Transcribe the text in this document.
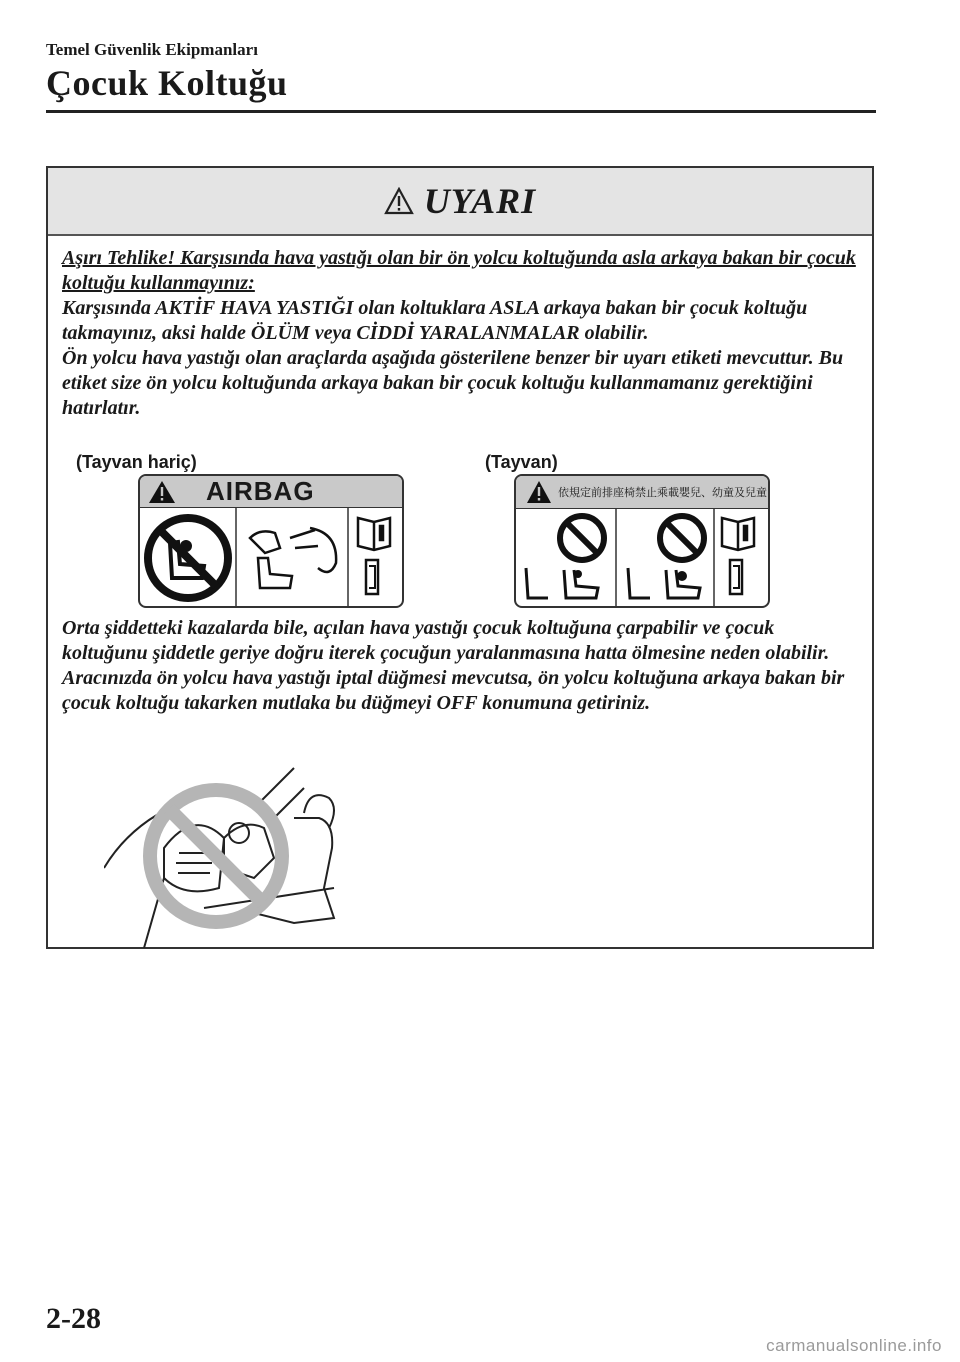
Temel Güvenlik Ekipmanları
Çocuk Koltuğu
UYARI

Aşırı Tehlike! Karşısında hava yastığı olan bir ön yolcu koltuğunda asla arkaya bakan bir çocuk koltuğu kullanmayınız:

Karşısında AKTİF HAVA YASTIĞI olan koltuklara ASLA arkaya bakan bir çocuk koltuğu takmayınız, aksi halde ÖLÜM veya CİDDİ YARALANMALAR olabilir.

Ön yolcu hava yastığı olan araçlarda aşağıda gösterilene benzer bir uyarı etiketi mevcuttur. Bu etiket size ön yolcu koltuğunda arkaya bakan bir çocuk koltuğu kullanmamanız gerektiğini hatırlatır.

(Tayvan hariç)	(Tayvan)
AIRBAG	依規定前排座椅禁止乘載嬰兒、幼童及兒童

Orta şiddetteki kazalarda bile, açılan hava yastığı çocuk koltuğuna çarpabilir ve çocuk koltuğunu şiddetle geriye doğru iterek çocuğun yaralanmasına hatta ölmesine neden olabilir. Aracınızda ön yolcu hava yastığı iptal düğmesi mevcutsa, ön yolcu koltuğuna arkaya bakan bir çocuk koltuğu takarken mutlaka bu düğmeyi OFF konumuna getiriniz.

2-28
carmanualsonline.info
